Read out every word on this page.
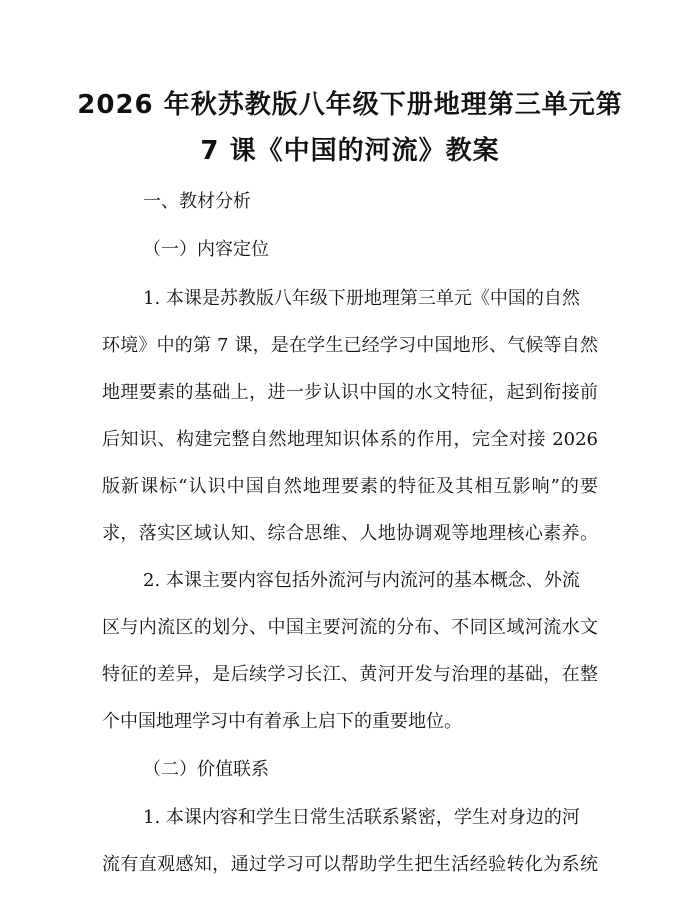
2026 年秋苏教版八年级下册地理第三单元第
7 课《中国的河流》教案
一、教材分析
（一）内容定位
1. 本课是苏教版八年级下册地理第三单元《中国的自然
环境》中的第 7 课，是在学生已经学习中国地形、气候等自然
地理要素的基础上，进一步认识中国的水文特征，起到衔接前
后知识、构建完整自然地理知识体系的作用，完全对接 2026
版新课标“认识中国自然地理要素的特征及其相互影响”的要
求，落实区域认知、综合思维、人地协调观等地理核心素养。
2. 本课主要内容包括外流河与内流河的基本概念、外流
区与内流区的划分、中国主要河流的分布、不同区域河流水文
特征的差异，是后续学习长江、黄河开发与治理的基础，在整
个中国地理学习中有着承上启下的重要地位。
（二）价值联系
1. 本课内容和学生日常生活联系紧密，学生对身边的河
流有直观感知，通过学习可以帮助学生把生活经验转化为系统
